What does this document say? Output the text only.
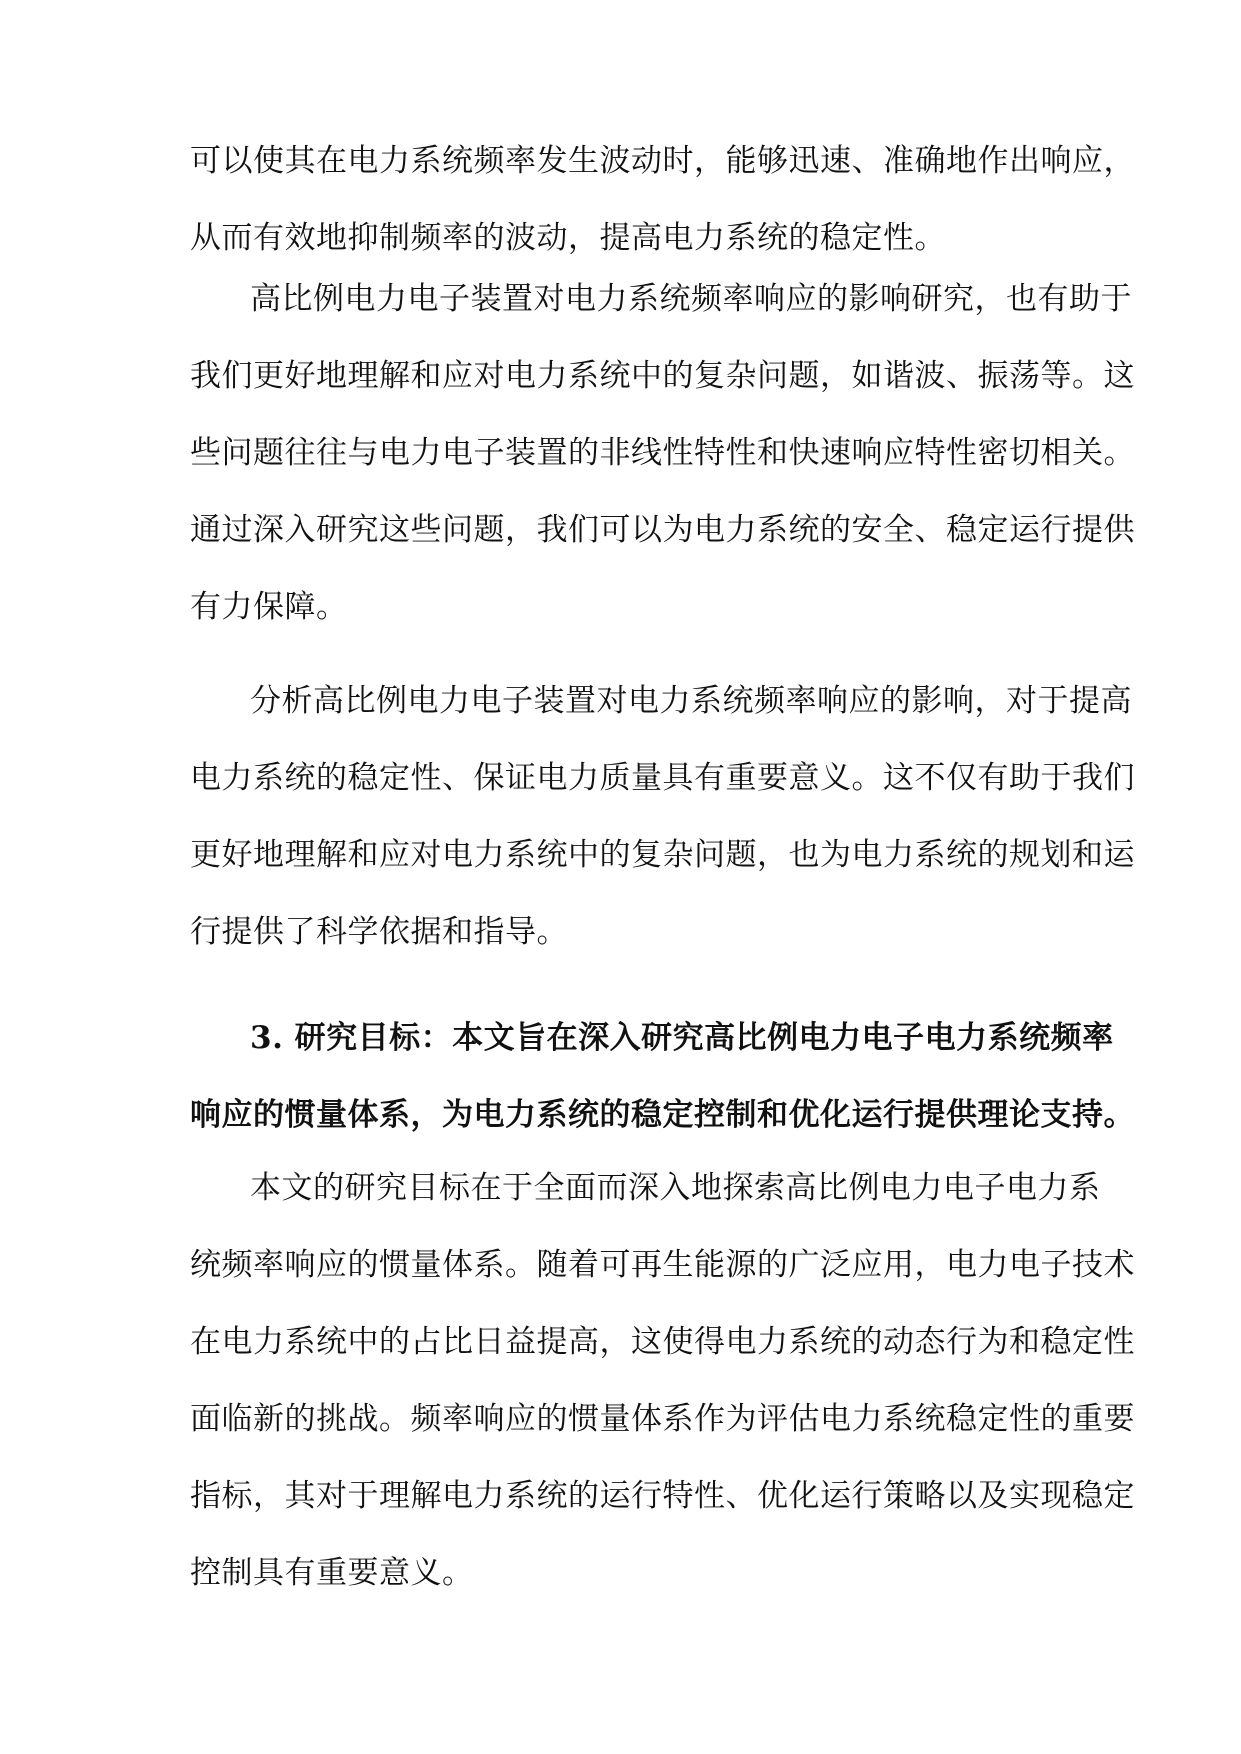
可以使其在电力系统频率发生波动时，能够迅速、准确地作出响应，
从而有效地抑制频率的波动，提高电力系统的稳定性。
高比例电力电子装置对电力系统频率响应的影响研究，也有助于
我们更好地理解和应对电力系统中的复杂问题，如谐波、振荡等。这
些问题往往与电力电子装置的非线性特性和快速响应特性密切相关。
通过深入研究这些问题，我们可以为电力系统的安全、稳定运行提供
有力保障。
分析高比例电力电子装置对电力系统频率响应的影响，对于提高
电力系统的稳定性、保证电力质量具有重要意义。这不仅有助于我们
更好地理解和应对电力系统中的复杂问题，也为电力系统的规划和运
行提供了科学依据和指导。
3. 研究目标：本文旨在深入研究高比例电力电子电力系统频率
响应的惯量体系，为电力系统的稳定控制和优化运行提供理论支持。
本文的研究目标在于全面而深入地探索高比例电力电子电力系
统频率响应的惯量体系。随着可再生能源的广泛应用，电力电子技术
在电力系统中的占比日益提高，这使得电力系统的动态行为和稳定性
面临新的挑战。频率响应的惯量体系作为评估电力系统稳定性的重要
指标，其对于理解电力系统的运行特性、优化运行策略以及实现稳定
控制具有重要意义。
